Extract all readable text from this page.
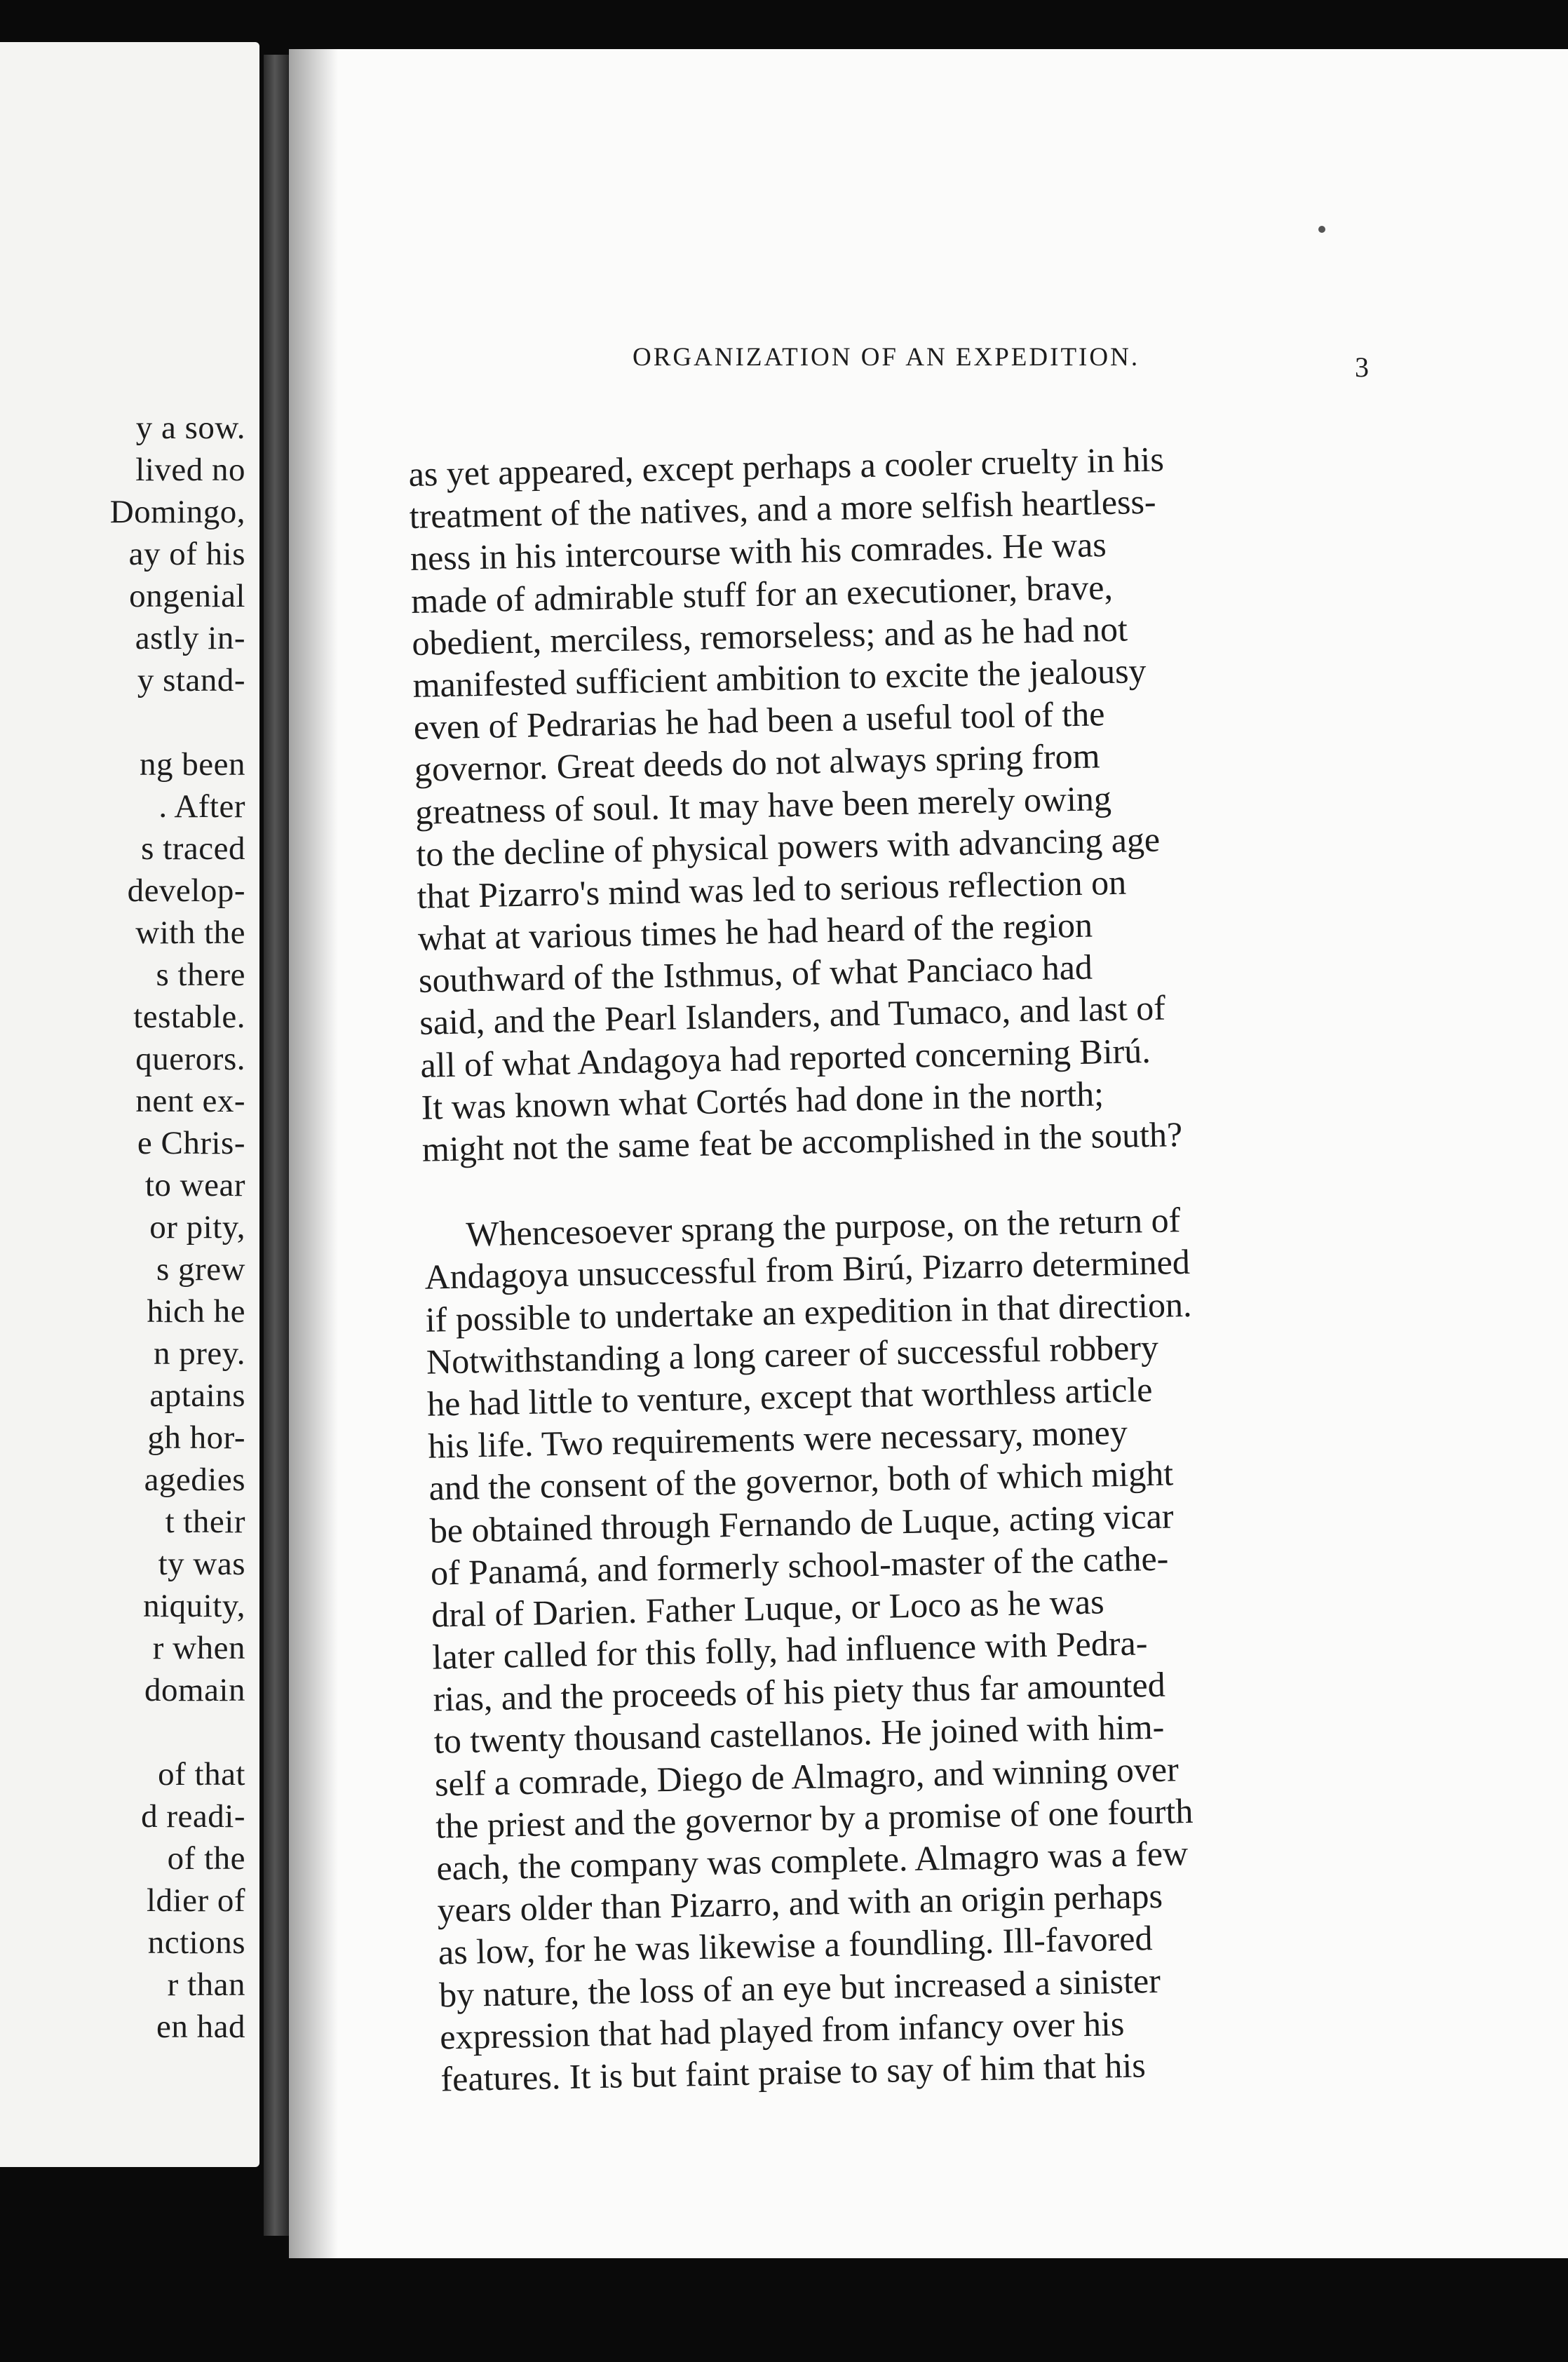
y a sow.
lived no
Domingo,
ay of his
ongenial
astly in-
y stand-
ng been
. After
s traced
develop-
with the
s there
testable.
querors.
nent ex-
e Chris-
to wear
or pity,
s grew
hich he
n prey.
aptains
gh hor-
agedies
t their
ty was
niquity,
r when
domain
of that
d readi-
of the
ldier of
nctions
r than
en had
ORGANIZATION OF AN EXPEDITION.	3
as yet appeared, except perhaps a cooler cruelty in his
treatment of the natives, and a more selfish heartless-
ness in his intercourse with his comrades. He was
made of admirable stuff for an executioner, brave,
obedient, merciless, remorseless; and as he had not
manifested sufficient ambition to excite the jealousy
even of Pedrarias he had been a useful tool of the
governor. Great deeds do not always spring from
greatness of soul. It may have been merely owing
to the decline of physical powers with advancing age
that Pizarro's mind was led to serious reflection on
what at various times he had heard of the region
southward of the Isthmus, of what Panciaco had
said, and the Pearl Islanders, and Tumaco, and last of
all of what Andagoya had reported concerning Birú.
It was known what Cortés had done in the north;
might not the same feat be accomplished in the south?
Whencesoever sprang the purpose, on the return of
Andagoya unsuccessful from Birú, Pizarro determined
if possible to undertake an expedition in that direction.
Notwithstanding a long career of successful robbery
he had little to venture, except that worthless article
his life. Two requirements were necessary, money
and the consent of the governor, both of which might
be obtained through Fernando de Luque, acting vicar
of Panamá, and formerly school-master of the cathe-
dral of Darien. Father Luque, or Loco as he was
later called for this folly, had influence with Pedra-
rias, and the proceeds of his piety thus far amounted
to twenty thousand castellanos. He joined with him-
self a comrade, Diego de Almagro, and winning over
the priest and the governor by a promise of one fourth
each, the company was complete. Almagro was a few
years older than Pizarro, and with an origin perhaps
as low, for he was likewise a foundling. Ill-favored
by nature, the loss of an eye but increased a sinister
expression that had played from infancy over his
features. It is but faint praise to say of him that his
